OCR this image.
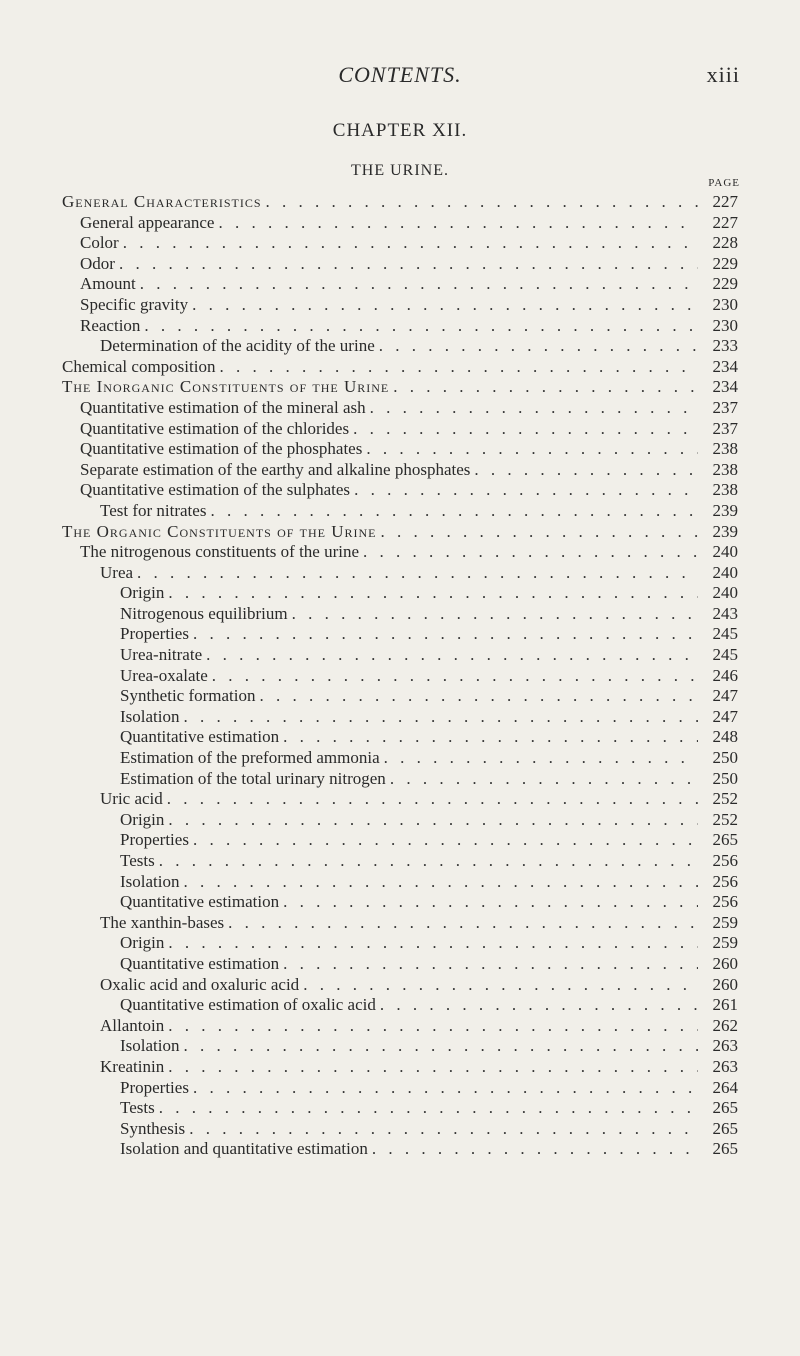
CONTENTS.	xiii
CHAPTER XII.
THE URINE.
PAGE
General Characteristics . . .	227
General appearance . . .	227
Color . . .	228
Odor . . .	229
Amount . . .	229
Specific gravity . . .	230
Reaction . . .	230
Determination of the acidity of the urine . . .	233
Chemical composition . . .	234
The Inorganic Constituents of the Urine . . .	234
Quantitative estimation of the mineral ash . . .	237
Quantitative estimation of the chlorides . . .	237
Quantitative estimation of the phosphates . . .	238
Separate estimation of the earthy and alkaline phosphates . . .	238
Quantitative estimation of the sulphates . . .	238
Test for nitrates . . .	239
The Organic Constituents of the Urine . . .	239
The nitrogenous constituents of the urine . . .	240
Urea . . .	240
Origin . . .	240
Nitrogenous equilibrium . . .	243
Properties . . .	245
Urea-nitrate . . .	245
Urea-oxalate . . .	246
Synthetic formation . . .	247
Isolation . . .	247
Quantitative estimation . . .	248
Estimation of the preformed ammonia . . .	250
Estimation of the total urinary nitrogen . . .	250
Uric acid . . .	252
Origin . . .	252
Properties . . .	265
Tests . . .	256
Isolation . . .	256
Quantitative estimation . . .	256
The xanthin-bases . . .	259
Origin . . .	259
Quantitative estimation . . .	260
Oxalic acid and oxaluric acid . . .	260
Quantitative estimation of oxalic acid . . .	261
Allantoin . . .	262
Isolation . . .	263
Kreatinin . . .	263
Properties . . .	264
Tests . . .	265
Synthesis . . .	265
Isolation and quantitative estimation . . .	265
